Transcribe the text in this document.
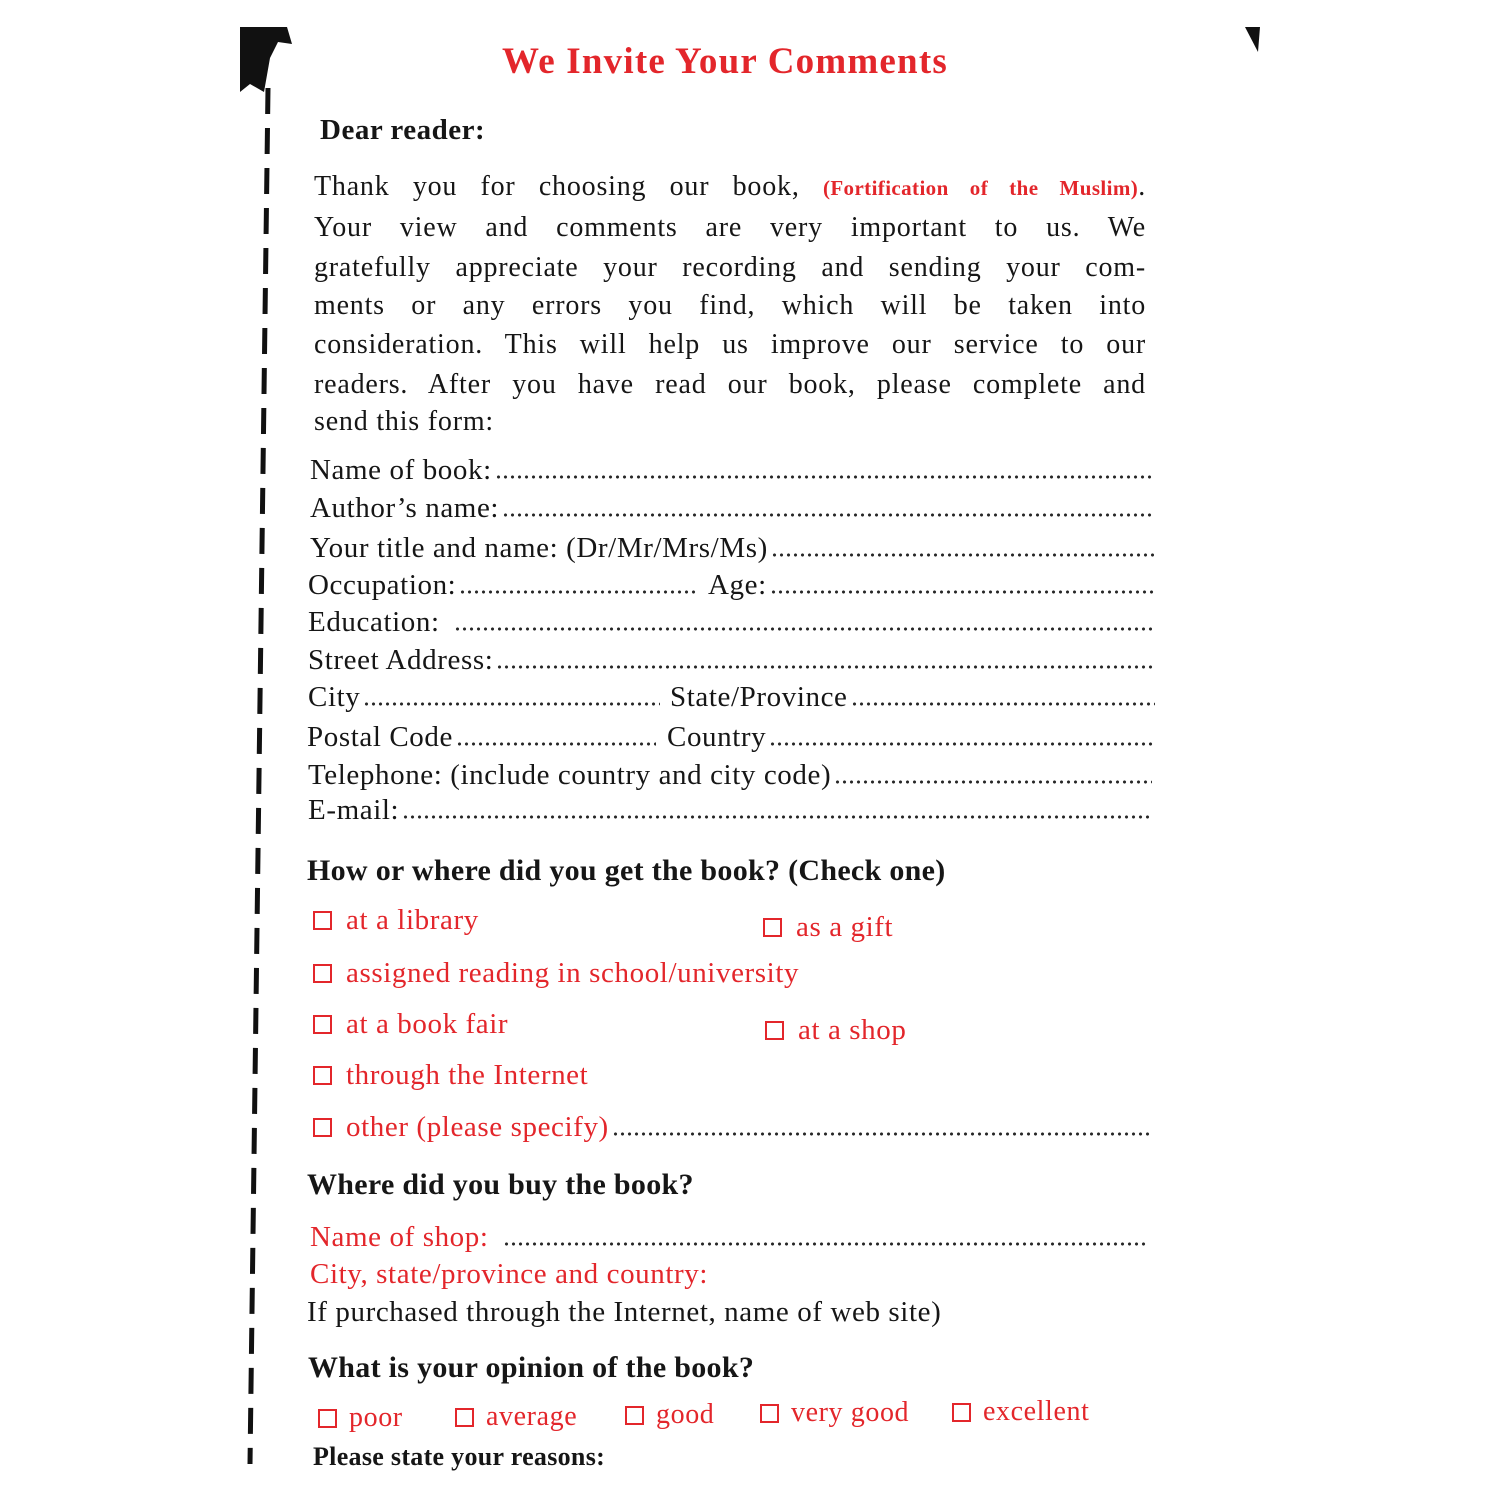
We Invite Your Comments
Dear reader:
Thank you for choosing our book, (Fortification of the Muslim).
Your view and comments are very important to us. We
gratefully appreciate your recording and sending your com-
ments or any errors you find, which will be taken into
consideration. This will help us improve our service to our
readers. After you have read our book, please complete and
send this form:
Name of book:
Author’s name:
Your title and name: (Dr/Mr/Mrs/Ms)
Occupation:	Age:
Education:
Street Address:
City	State/Province
Postal Code	Country
Telephone: (include country and city code)
E-mail:
How or where did you get the book? (Check one)
at a library	as a gift
assigned reading in school/university
at a book fair	at a shop
through the Internet
other (please specify)
Where did you buy the book?
Name of shop:
City, state/province and country:
If purchased through the Internet, name of web site)
What is your opinion of the book?
poor	average	good	very good	excellent
Please state your reasons:
